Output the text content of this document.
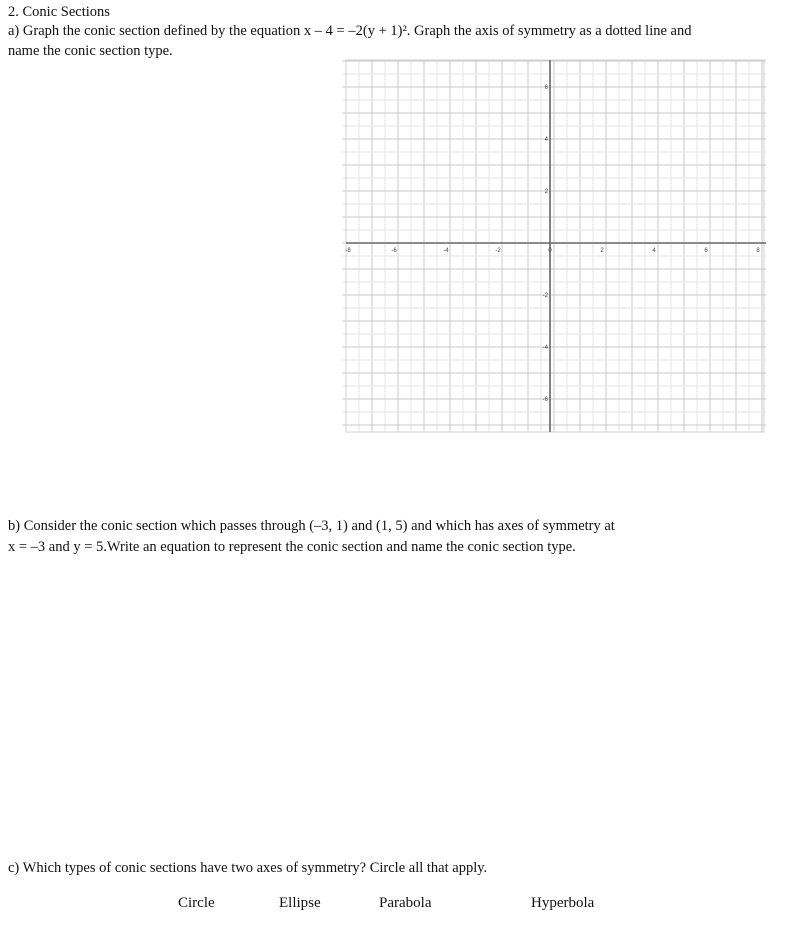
2. Conic Sections
a) Graph the conic section defined by the equation x – 4 = –2(y + 1)². Graph the axis of symmetry as a dotted line and
name the conic section type.
-8	-6	-4	-2	0	2	4	6	8
6
4
2
-2
-4
-6
b) Consider the conic section which passes through (–3, 1) and (1, 5) and which has axes of symmetry at
x = –3 and y = 5.Write an equation to represent the conic section and name the conic section type.
c) Which types of conic sections have two axes of symmetry? Circle all that apply.
Circle	Ellipse	Parabola	Hyperbola
